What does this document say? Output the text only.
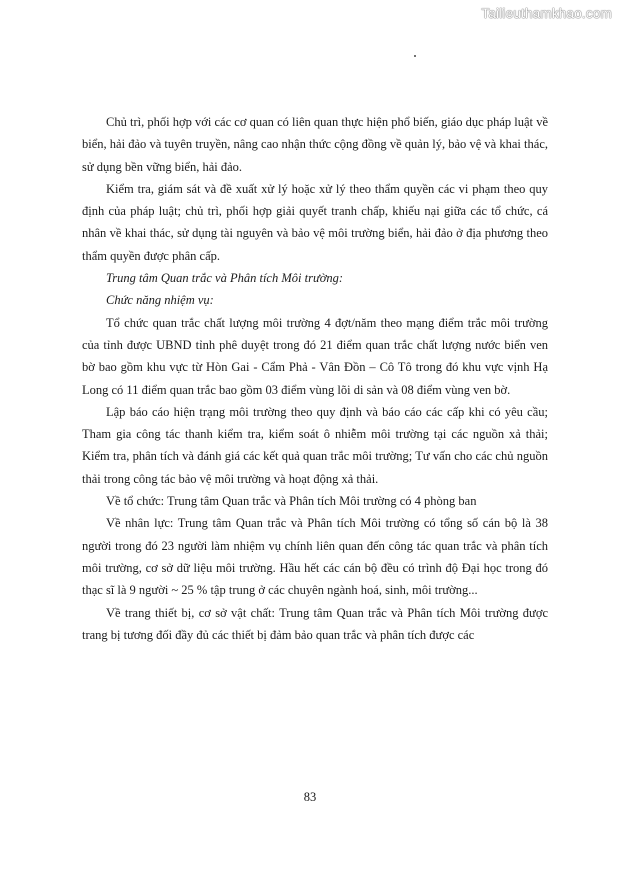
Tailieuthamkhao.com

Chủ trì, phối hợp với các cơ quan có liên quan thực hiện phổ biến, giáo dục pháp luật về biển, hải đảo và tuyên truyền, nâng cao nhận thức cộng đồng về quản lý, bảo vệ và khai thác, sử dụng bền vững biển, hải đảo.

Kiểm tra, giám sát và đề xuất xử lý hoặc xử lý theo thẩm quyền các vi phạm theo quy định của pháp luật; chủ trì, phối hợp giải quyết tranh chấp, khiếu nại giữa các tổ chức, cá nhân về khai thác, sử dụng tài nguyên và bảo vệ môi trường biển, hải đảo ở địa phương theo thẩm quyền được phân cấp.

Trung tâm Quan trắc và Phân tích Môi trường:

Chức năng nhiệm vụ:

Tổ chức quan trắc chất lượng môi trường 4 đợt/năm theo mạng điểm trắc môi trường của tỉnh được UBND tỉnh phê duyệt trong đó 21 điểm quan trắc chất lượng nước biển ven bờ bao gồm khu vực từ Hòn Gai - Cẩm Phả - Vân Đồn – Cô Tô trong đó khu vực vịnh Hạ Long có 11 điểm quan trắc bao gồm 03 điểm vùng lõi di sản và 08 điểm vùng ven bờ.

Lập báo cáo hiện trạng môi trường theo quy định và báo cáo các cấp khi có yêu cầu; Tham gia công tác thanh kiểm tra, kiểm soát ô nhiễm môi trường tại các nguồn xả thải; Kiểm tra, phân tích và đánh giá các kết quả quan trắc môi trường; Tư vấn cho các chủ nguồn thải trong công tác bảo vệ môi trường và hoạt động xả thải.

Về tổ chức: Trung tâm Quan trắc và Phân tích Môi trường có 4 phòng ban

Về nhân lực: Trung tâm Quan trắc và Phân tích Môi trường có tổng số cán bộ là 38 người trong đó 23 người làm nhiệm vụ chính liên quan đến công tác quan trắc và phân tích môi trường, cơ sở dữ liệu môi trường. Hầu hết các cán bộ đều có trình độ Đại học trong đó thạc sĩ là 9 người ~ 25 % tập trung ở các chuyên ngành hoá, sinh, môi trường...

Về trang thiết bị, cơ sở vật chất: Trung tâm Quan trắc và Phân tích Môi trường được trang bị tương đối đầy đủ các thiết bị đảm bảo quan trắc và phân tích được các

83
